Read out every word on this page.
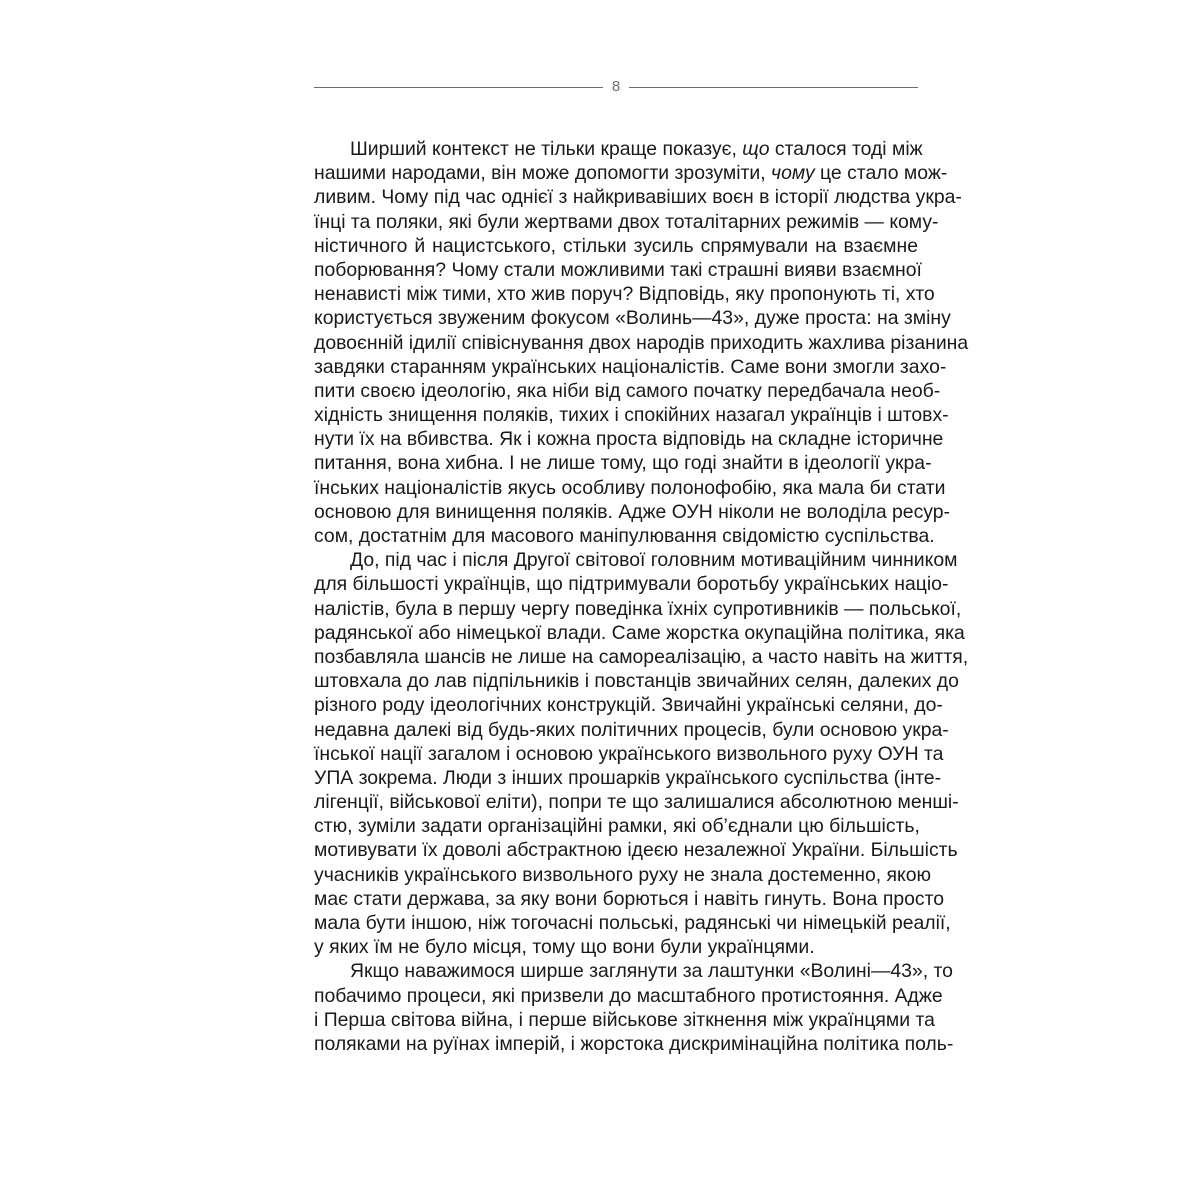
8
Ширший контекст не тільки краще показує, що сталося тоді між
нашими народами, він може допомогти зрозуміти, чому це стало мож-
ливим. Чому під час однієї з найкривавіших воєн в історії людства укра-
їнці та поляки, які були жертвами двох тоталітарних режимів — кому-
ністичного й нацистського, стільки зусиль спрямували на взаємне
поборювання? Чому стали можливими такі страшні вияви взаємної
ненависті між тими, хто жив поруч? Відповідь, яку пропонують ті, хто
користується звуженим фокусом «Волинь—43», дуже проста: на зміну
довоєнній ідилії співіснування двох народів приходить жахлива різанина
завдяки старанням українських націоналістів. Саме вони змогли захо-
пити своєю ідеологію, яка ніби від самого початку передбачала необ-
хідність знищення поляків, тихих і спокійних назагал українців і штовх-
нути їх на вбивства. Як і кожна проста відповідь на складне історичне
питання, вона хибна. І не лише тому, що годі знайти в ідеології укра-
їнських націоналістів якусь особливу полонофобію, яка мала би стати
основою для винищення поляків. Адже ОУН ніколи не володіла ресур-
сом, достатнім для масового маніпулювання свідомістю суспільства.
До, під час і після Другої світової головним мотиваційним чинником
для більшості українців, що підтримували боротьбу українських націо-
налістів, була в першу чергу поведінка їхніх супротивників — польської,
радянської або німецької влади. Саме жорстка окупаційна політика, яка
позбавляла шансів не лише на самореалізацію, а часто навіть на життя,
штовхала до лав підпільників і повстанців звичайних селян, далеких до
різного роду ідеологічних конструкцій. Звичайні українські селяни, до-
недавна далекі від будь-яких політичних процесів, були основою укра-
їнської нації загалом і основою українського визвольного руху ОУН та
УПА зокрема. Люди з інших прошарків українського суспільства (інте-
лігенції, військової еліти), попри те що залишалися абсолютною менші-
стю, зуміли задати організаційні рамки, які об’єднали цю більшість,
мотивувати їх доволі абстрактною ідеєю незалежної України. Більшість
учасників українського визвольного руху не знала достеменно, якою
має стати держава, за яку вони борються і навіть гинуть. Вона просто
мала бути іншою, ніж тогочасні польські, радянські чи німецькій реалії,
у яких їм не було місця, тому що вони були українцями.
Якщо наважимося ширше заглянути за лаштунки «Волині—43», то
побачимо процеси, які призвели до масштабного протистояння. Адже
і Перша світова війна, і перше військове зіткнення між українцями та
поляками на руїнах імперій, і жорстока дискримінаційна політика поль-
